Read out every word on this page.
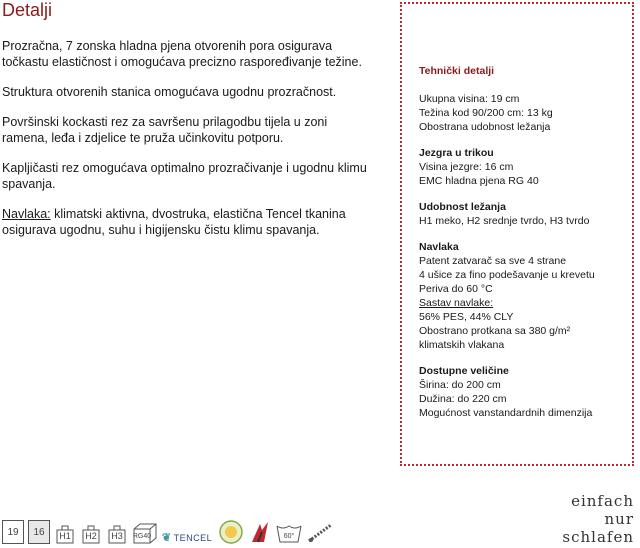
Detalji

Prozračna, 7 zonska hladna pjena otvorenih pora osigurava točkastu elastičnost i omogućava precizno raspoređivanje težine.

Struktura otvorenih stanica omogućava ugodnu prozračnost.

Površinski kockasti rez za savršenu prilagodbu tijela u zoni ramena, leđa i zdjelice te pruža učinkovitu potporu.

Kapljičasti rez omogućava optimalno prozračivanje i ugodnu klimu spavanja.

Navlaka: klimatski aktivna, dvostruka, elastična Tencel tkanina osigurava ugodnu, suhu i higijensku čistu klimu spavanja.

Tehnički detalji
Ukupna visina: 19 cm
Težina kod 90/200 cm: 13 kg
Obostrana udobnost ležanja
Jezgra u trikou
Visina jezgre: 16 cm
EMC hladna pjena RG 40
Udobnost ležanja
H1 meko, H2 srednje tvrdo, H3 tvrdo
Navlaka
Patent zatvarač sa sve 4 strane
4 ušice za fino podešavanje u krevetu
Periva do 60 °C
Sastav navlake:
56% PES, 44% CLY
Obostrano protkana sa 380 g/m²
klimatskih vlakana
Dostupne veličine
Širina: do 200 cm
Dužina: do 220 cm
Mogućnost vanstandardnih dimenzija
19	16	H1 H2 H3 RG40 ❦ TENCEL	60°
einfach
nur
schlafen
